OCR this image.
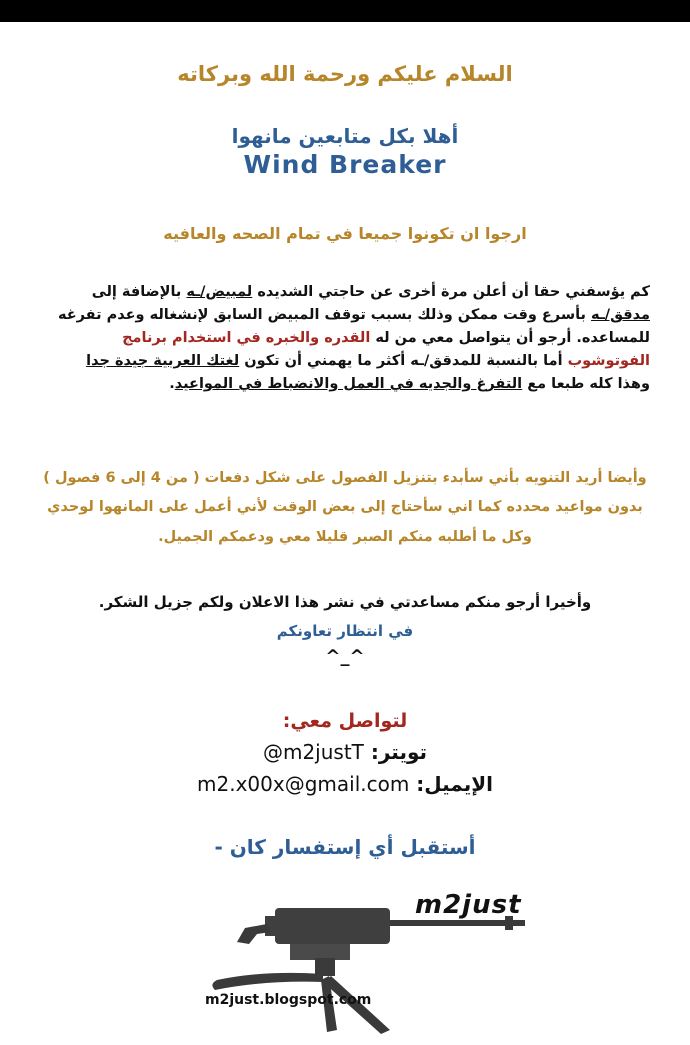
السلام عليكم ورحمة الله وبركاته
أهلا بكل متابعين مانهوا
Wind Breaker
ارجوا ان تكونوا جميعا في تمام الصحه والعافيه
كم يؤسفني حقا أن أعلن مرة أخرى عن حاجتي الشديده لمبيض/ـه بالإضافة إلى
مدقق/ـه بأسرع وقت ممكن وذلك بسبب توقف المبيض السابق لإنشغاله وعدم تفرغه
للمساعده. أرجو أن يتواصل معي من له القدره والخبره في استخدام برنامج
الفوتوشوب أما بالنسبة للمدقق/ـه أكثر ما يهمني أن تكون لغتك العربية جيدة جدا
وهذا كله طبعا مع التفرغ والجديه في العمل والانضباط في المواعيد.
وأيضا أريد التنويه بأني سأبدء بتنزيل الفصول على شكل دفعات ( من 4 إلى 6 فصول )
بدون مواعيد محدده كما اني سأحتاج إلى بعض الوقت لأني أعمل على المانهوا لوحدي
وكل ما أطلبه منكم الصبر قليلا معي ودعمكم الجميل.
وأخيرا أرجو منكم مساعدتي في نشر هذا الاعلان ولكم جزيل الشكر.
في انتظار تعاونكم
^_^
لتواصل معي:
تويتر: m2justT@
الإيميل: m2.x00x@gmail.com
أستقبل أي إستفسار كان -
m2just
m2just.blogspot.com
